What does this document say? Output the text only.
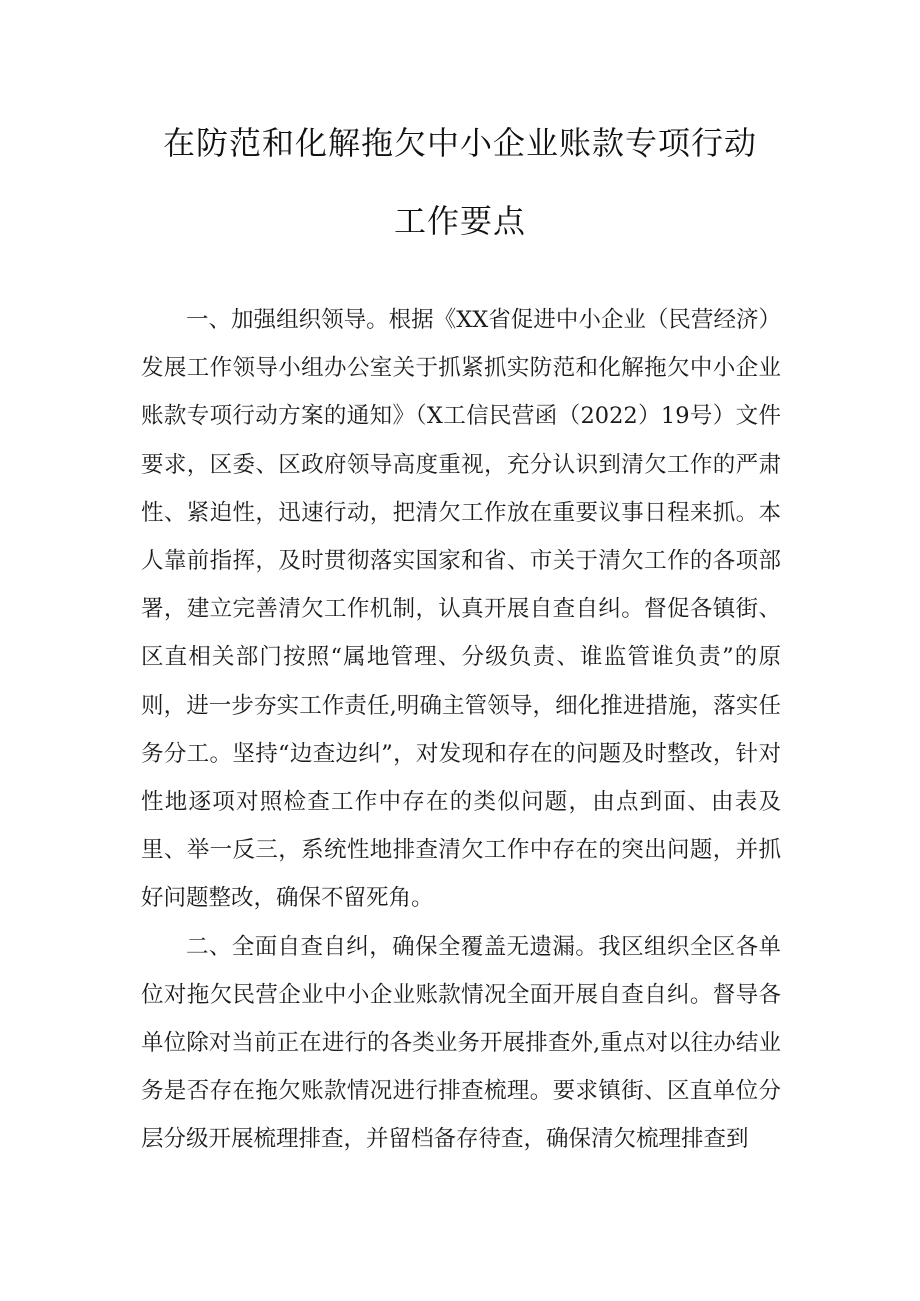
在防范和化解拖欠中小企业账款专项行动
工作要点

一、加强组织领导。根据《XX省促进中小企业（民营经济）发展工作领导小组办公室关于抓紧抓实防范和化解拖欠中小企业账款专项行动方案的通知》（X工信民营函（2022）19号）文件要求，区委、区政府领导高度重视，充分认识到清欠工作的严肃性、紧迫性，迅速行动，把清欠工作放在重要议事日程来抓。本人靠前指挥，及时贯彻落实国家和省、市关于清欠工作的各项部署，建立完善清欠工作机制，认真开展自查自纠。督促各镇街、区直相关部门按照“属地管理、分级负责、谁监管谁负责”的原则，进一步夯实工作责任,明确主管领导，细化推进措施，落实任务分工。坚持“边查边纠”，对发现和存在的问题及时整改，针对性地逐项对照检查工作中存在的类似问题，由点到面、由表及里、举一反三，系统性地排查清欠工作中存在的突出问题，并抓好问题整改，确保不留死角。

二、全面自查自纠，确保全覆盖无遗漏。我区组织全区各单位对拖欠民营企业中小企业账款情况全面开展自查自纠。督导各单位除对当前正在进行的各类业务开展排查外,重点对以往办结业务是否存在拖欠账款情况进行排查梳理。要求镇街、区直单位分层分级开展梳理排查，并留档备存待查，确保清欠梳理排查到
